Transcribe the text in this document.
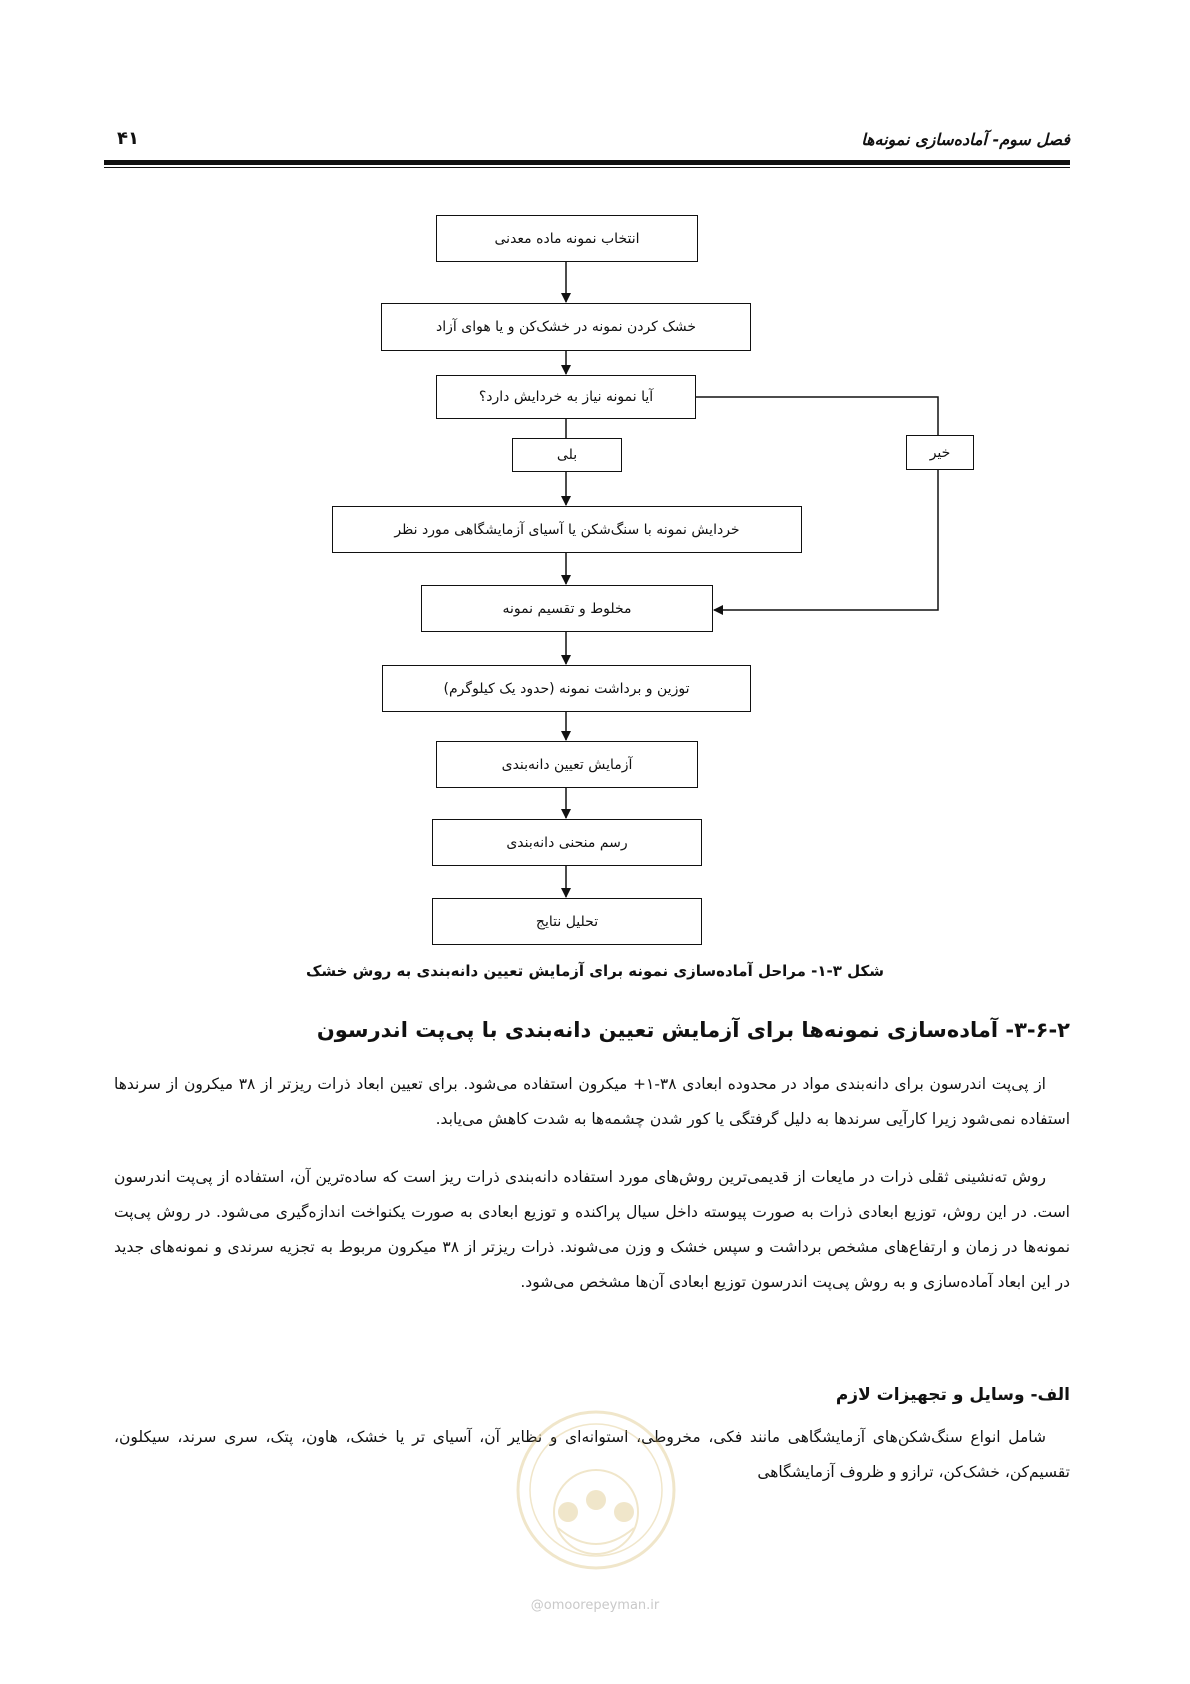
فصل سوم- آماده‌سازی نمونه‌ها
۴۱
انتخاب نمونه ماده معدنی
خشک کردن نمونه در خشک‌کن و یا هوای آزاد
آیا نمونه نیاز به خردایش دارد؟
بلی	خیر
خردایش نمونه با سنگ‌شکن یا آسیای آزمایشگاهی مورد نظر
مخلوط و تقسیم نمونه
توزین و برداشت نمونه (حدود یک کیلوگرم)
آزمایش تعیین دانه‌بندی
رسم منحنی دانه‌بندی
تحلیل نتایج
شکل ۳-۱- مراحل آماده‌سازی نمونه برای آزمایش تعیین دانه‌بندی به روش خشک
۳-۶-۲- آماده‌سازی نمونه‌ها برای آزمایش تعیین دانه‌بندی با پی‌پت اندرسون

از پی‌پت اندرسون برای دانه‌بندی مواد در محدوده ابعادی ۳۸-۱+ میکرون استفاده می‌شود. برای تعیین ابعاد ذرات ریزتر از ۳۸ میکرون از سرندها استفاده نمی‌شود زیرا کارآیی سرندها به دلیل گرفتگی یا کور شدن چشمه‌ها به شدت کاهش می‌یابد.

روش ته‌نشینی ثقلی ذرات در مایعات از قدیمی‌ترین روش‌های مورد استفاده دانه‌بندی ذرات ریز است که ساده‌ترین آن، استفاده از پی‌پت اندرسون است. در این روش، توزیع ابعادی ذرات به صورت پیوسته داخل سیال پراکنده و توزیع ابعادی به صورت یکنواخت اندازه‌گیری می‌شود. در روش پی‌پت نمونه‌ها در زمان و ارتفاع‌های مشخص برداشت و سپس خشک و وزن می‌شوند. ذرات ریزتر از ۳۸ میکرون مربوط به تجزیه سرندی و نمونه‌های جدید در این ابعاد آماده‌سازی و به روش پی‌پت اندرسون توزیع ابعادی آن‌ها مشخص می‌شود.

الف- وسایل و تجهیزات لازم

شامل انواع سنگ‌شکن‌های آزمایشگاهی مانند فکی، مخروطی، استوانه‌ای و نظایر آن، آسیای تر یا خشک، هاون، پتک، سری سرند، سیکلون، تقسیم‌کن، خشک‌کن، ترازو و ظروف آزمایشگاهی

@omoorepeyman.ir
